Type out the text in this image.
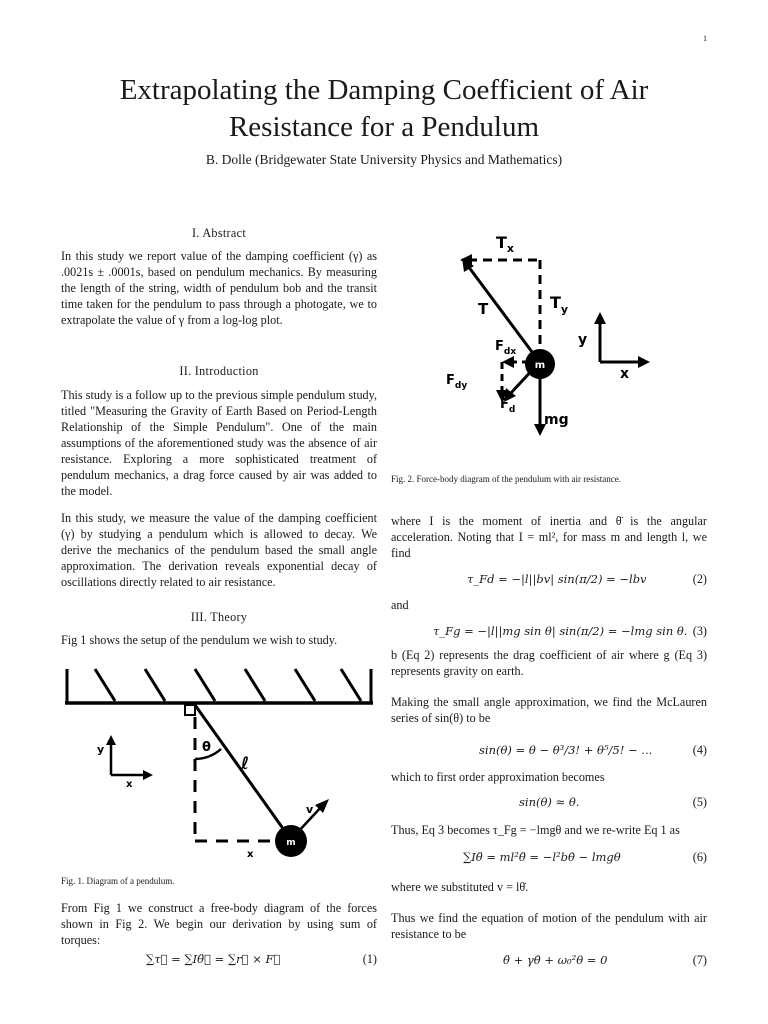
1
Extrapolating the Damping Coefficient of Air Resistance for a Pendulum
B. Dolle (Bridgewater State University Physics and Mathematics)
I. Abstract
In this study we report value of the damping coefficient (γ) as .0021s ± .0001s, based on pendulum mechanics. By measuring the length of the string, width of pendulum bob and the transit time taken for the pendulum to pass through a photogate, we to extrapolate the value of γ from a log-log plot.
II. Introduction
This study is a follow up to the previous simple pendulum study, titled "Measuring the Gravity of Earth Based on Period-Length Relationship of the Simple Pendulum". One of the main assumptions of the aforementioned study was the absence of air resistance. Exploring a more sophisticated treatment of pendulum mechanics, a drag force caused by air was added to the model.
In this study, we measure the value of the damping coefficient (γ) by studying a pendulum which is allowed to decay. We derive the mechanics of the pendulum based the small angle approximation. The derivation reveals exponential decay of oscillations directly related to air resistance.
III. Theory
Fig 1 shows the setup of the pendulum we wish to study.
m
y
x
θ
ℓ
v
x
Fig. 1. Diagram of a pendulum.
From Fig 1 we construct a free-body diagram of the forces shown in Fig 2. We begin our derivation by using sum of torques:
∑τ⃗ = ∑Iθ̈⃗ = ∑r⃗ × F⃗	(1)
m
$T_x$
T	$T_y$
$F_{dx}$
$F_{dy}$
$F_d$
mg
y
x
Fig. 2. Force-body diagram of the pendulum with air resistance.
where I is the moment of inertia and θ̈ is the angular acceleration. Noting that I = ml², for mass m and length l, we find
τ_Fd = −|l||bv| sin(π/2) = −lbv	(2)
and
τ_Fg = −|l||mg sin θ| sin(π/2) = −lmg sin θ. (3)
b (Eq 2) represents the drag coefficient of air where g (Eq 3) represents gravity on earth.
Making the small angle approximation, we find the McLauren series of sin(θ) to be
sin(θ) = θ − θ³/3! + θ⁵/5! − ...	(4)
which to first order approximation becomes
sin(θ) ≈ θ.	(5)
Thus, Eq 3 becomes τ_Fg = −lmgθ and we re-write Eq 1 as
∑Iθ̈ = ml²θ̈ = −l²bθ̇ − lmgθ	(6)
where we substituted v = lθ̇.
Thus we find the equation of motion of the pendulum with air resistance to be
θ̈ + γθ̇ + ω₀²θ = 0	(7)
